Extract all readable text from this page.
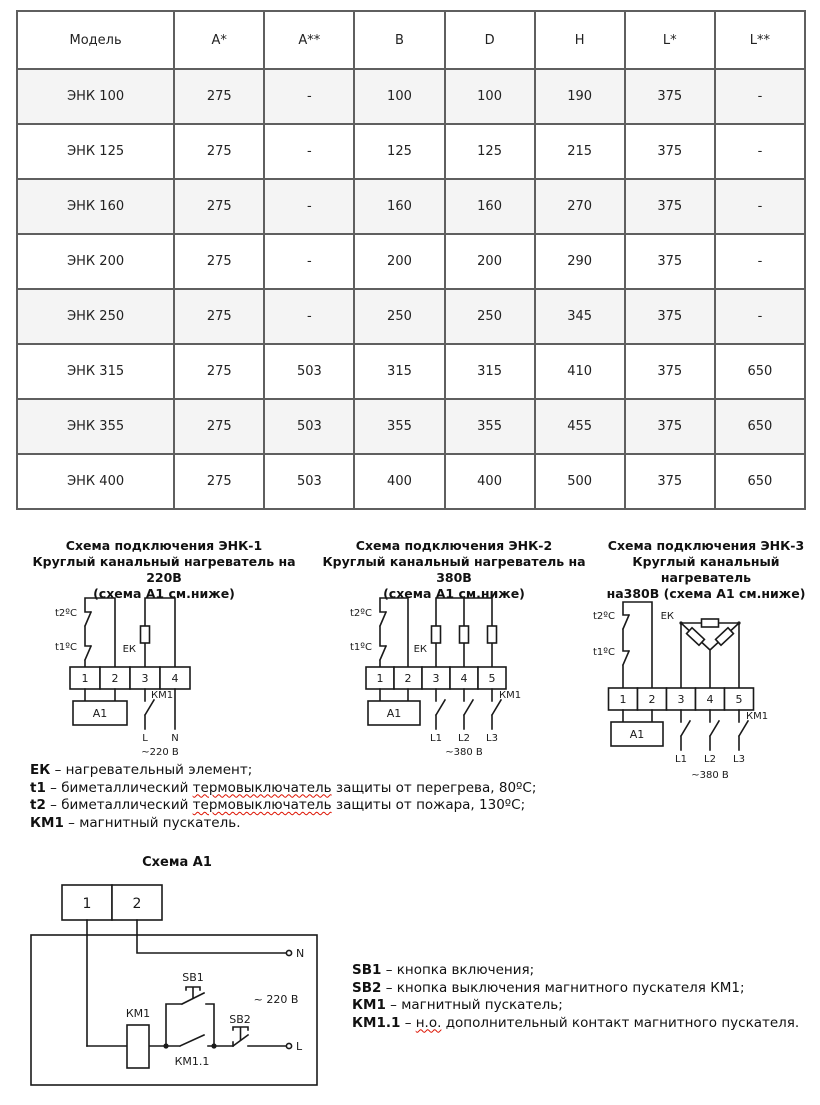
Модель	A*	A**	B	D	H	L*	L**
ЭНК 100	275	-	100	100	190	375	-
ЭНК 125	275	-	125	125	215	375	-
ЭНК 160	275	-	160	160	270	375	-
ЭНК 200	275	-	200	200	290	375	-
ЭНК 250	275	-	250	250	345	375	-
ЭНК 315	275	503	315	315	410	375	650
ЭНК 355	275	503	355	355	455	375	650
ЭНК 400	275	503	400	400	500	375	650
Схема подключения ЭНК-1
Круглый канальный нагреватель на 220В
(схема А1 см.ниже)
Схема подключения ЭНК-2
Круглый канальный нагреватель на 380В
(схема А1 см.ниже)
Схема подключения ЭНК-3
Круглый канальный нагреватель
на380В (схема А1 см.ниже)
t2ºC
t1ºC	ЕК
1 2 3 4
А1
КМ1
L N
~220 В
t2ºC
t1ºC	ЕК
1 2 3 4 5
А1
КМ1
L1 L2 L3
~380 В
t2ºC
t1ºC
ЕК
1 2 3 4 5
А1
КМ1
L1 L2 L3
~380 В
ЕК – нагревательный элемент;
t1 – биметаллический термовыключатель защиты от перегрева, 80ºС;
t2 – биметаллический термовыключатель защиты от пожара, 130ºС;
КМ1 – магнитный пускатель.
Схема А1
1	2
N
L
КМ1
КМ1.1
SB1
SB2
~ 220 В
SB1 – кнопка включения;
SB2 – кнопка выключения магнитного пускателя КМ1;
КМ1 – магнитный пускатель;
КМ1.1 – н.о. дополнительный контакт магнитного пускателя.
